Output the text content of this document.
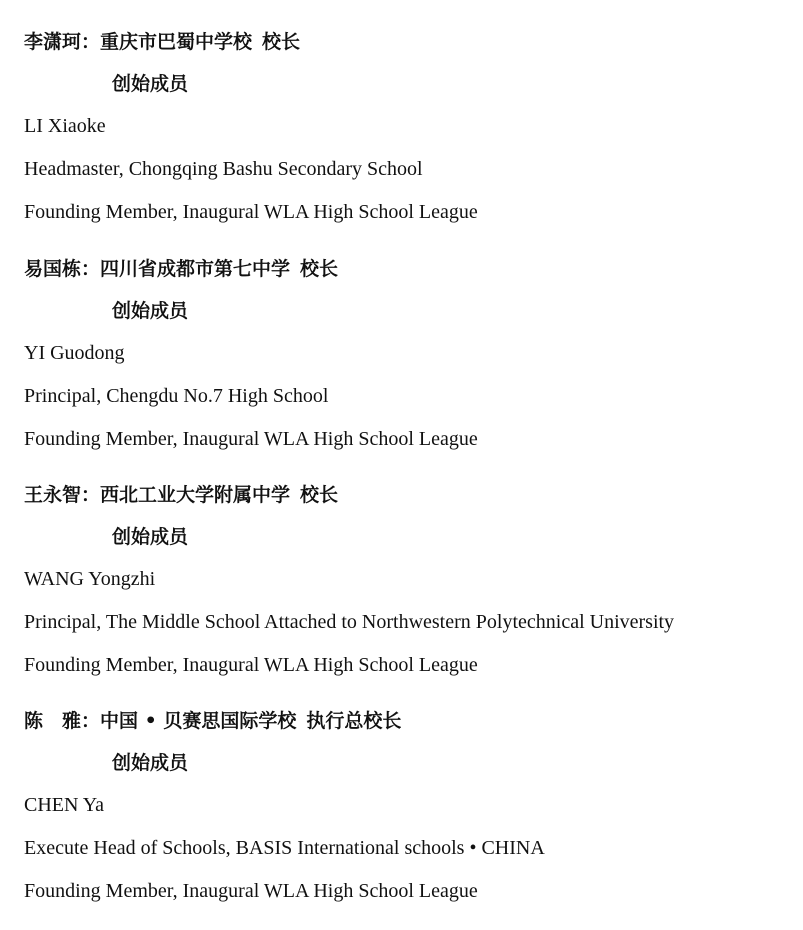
李潇珂：重庆市巴蜀中学校 校长
创始成员
LI Xiaoke
Headmaster, Chongqing Bashu Secondary School
Founding Member, Inaugural WLA High School League
易国栋：四川省成都市第七中学 校长
创始成员
YI Guodong
Principal, Chengdu No.7 High School
Founding Member, Inaugural WLA High School League
王永智：西北工业大学附属中学 校长
创始成员
WANG Yongzhi
Principal, The Middle School Attached to Northwestern Polytechnical University
Founding Member, Inaugural WLA High School League
陈　雅：中国 • 贝赛思国际学校 执行总校长
创始成员
CHEN Ya
Execute Head of Schools, BASIS International schools • CHINA
Founding Member, Inaugural WLA High School League
